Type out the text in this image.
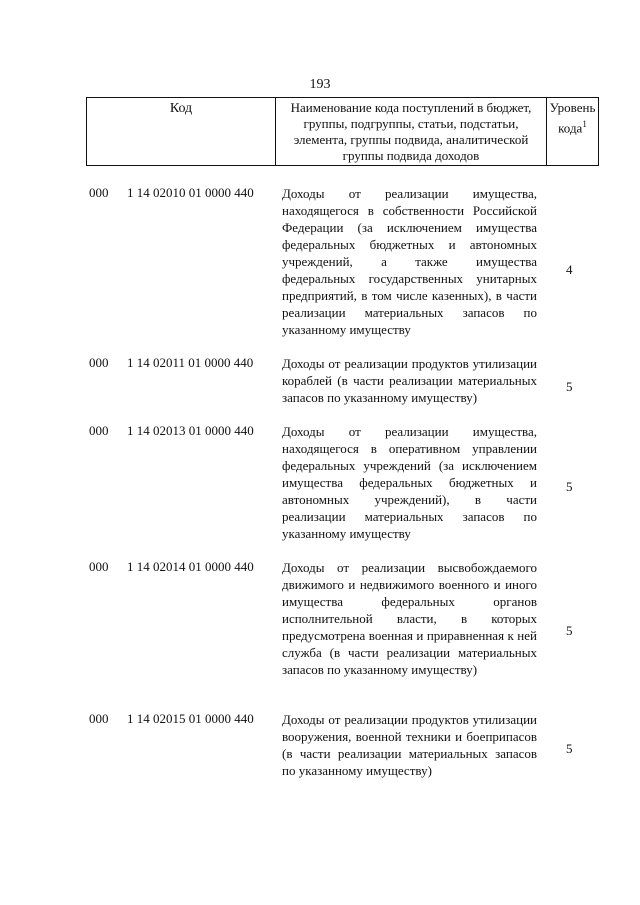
193
Код	Наименование кода поступлений в бюджет, группы, подгруппы, статьи, подстатьи, элемента, группы подвида, аналитической группы подвида доходов
Уровень кода$^1$
000 1 14 02010 01 0000 440 Доходы от реализации имущества, находящегося в собственности Российской Федерации (за исключением имущества федеральных бюджетных и автономных учреждений, а также имущества федеральных государственных унитарных предприятий, в том числе казенных), в части реализации материальных запасов по указанному имуществу
4
000 1 14 02011 01 0000 440 Доходы от реализации продуктов утилизации кораблей (в части реализации материальных запасов по указанному имуществу)
5
000 1 14 02013 01 0000 440 Доходы от реализации имущества, находящегося в оперативном управлении федеральных учреждений (за исключением имущества федеральных бюджетных и автономных учреждений), в части реализации материальных запасов по указанному имуществу
5
000 1 14 02014 01 0000 440 Доходы от реализации высвобождаемого движимого и недвижимого военного и иного имущества федеральных органов исполнительной власти, в которых предусмотрена военная и приравненная к ней служба (в части реализации материальных запасов по указанному имуществу)
5
000 1 14 02015 01 0000 440 Доходы от реализации продуктов утилизации вооружения, военной техники и боеприпасов (в части реализации материальных запасов по указанному имуществу)
5
